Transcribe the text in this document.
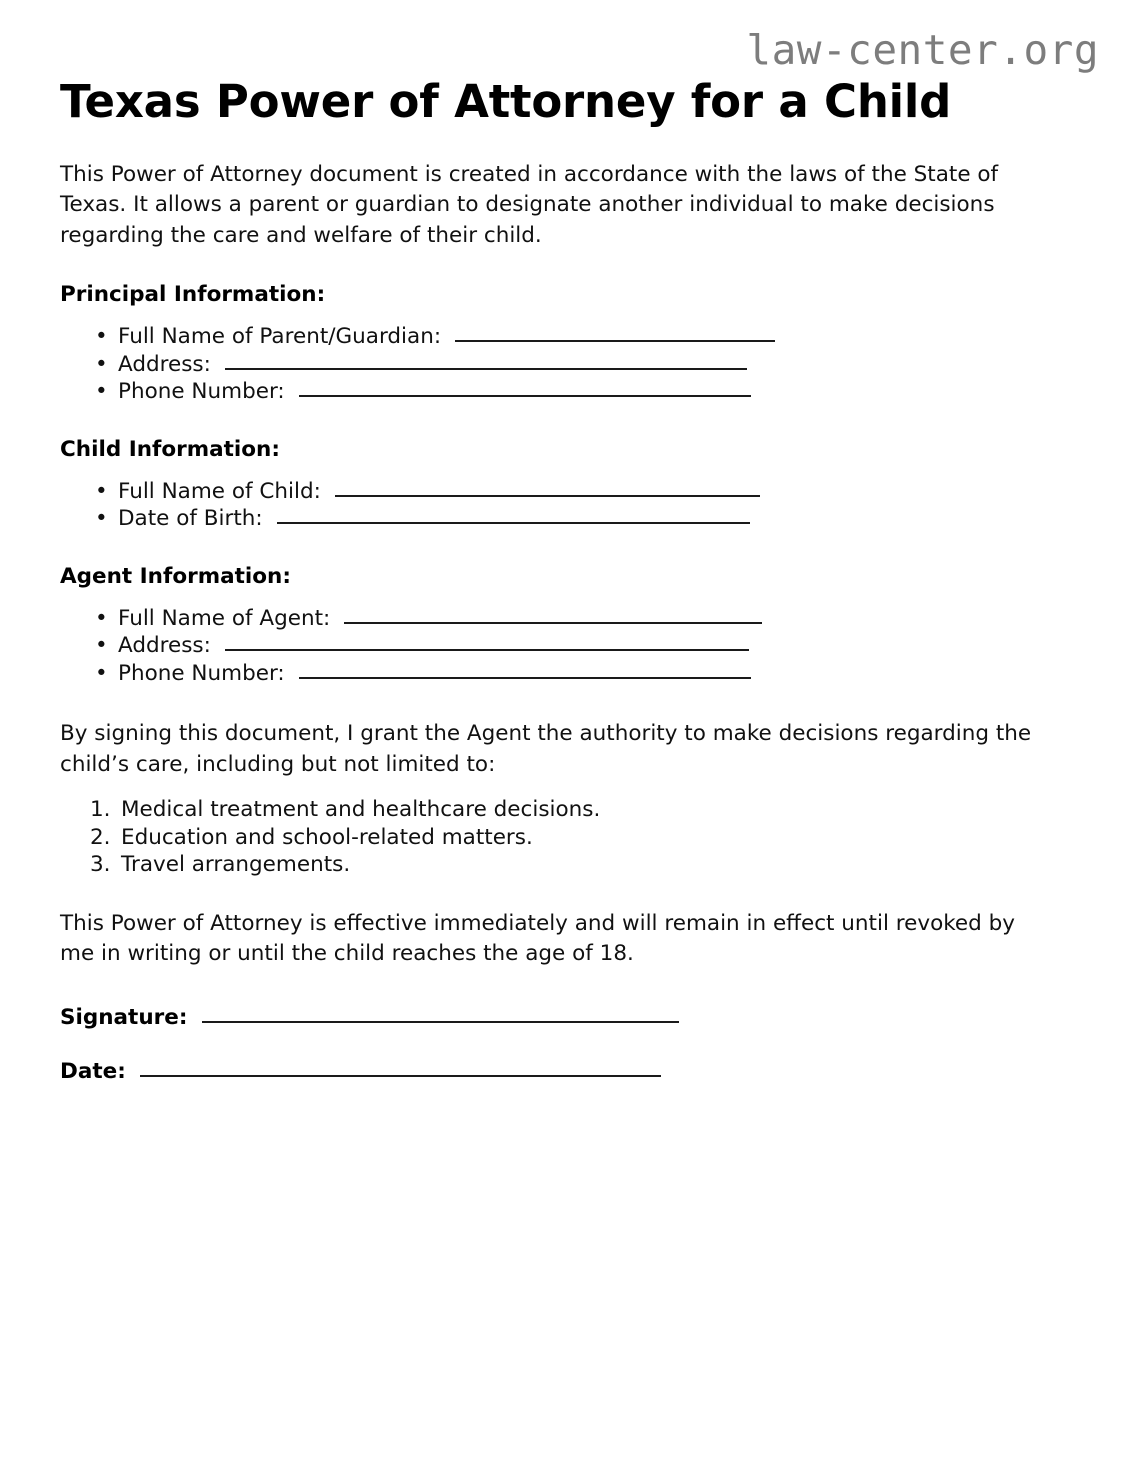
law-center.org
Texas Power of Attorney for a Child

This Power of Attorney document is created in accordance with the laws of the State of Texas. It allows a parent or guardian to designate another individual to make decisions regarding the care and welfare of their child.

Principal Information:
• Full Name of Parent/Guardian:
• Address:
• Phone Number:
Child Information:
• Full Name of Child:
• Date of Birth:
Agent Information:
• Full Name of Agent:
• Address:
• Phone Number:

By signing this document, I grant the Agent the authority to make decisions regarding the child’s care, including but not limited to:

1. Medical treatment and healthcare decisions.
2. Education and school-related matters.
3. Travel arrangements.

This Power of Attorney is effective immediately and will remain in effect until revoked by me in writing or until the child reaches the age of 18.

Signature:
Date:
